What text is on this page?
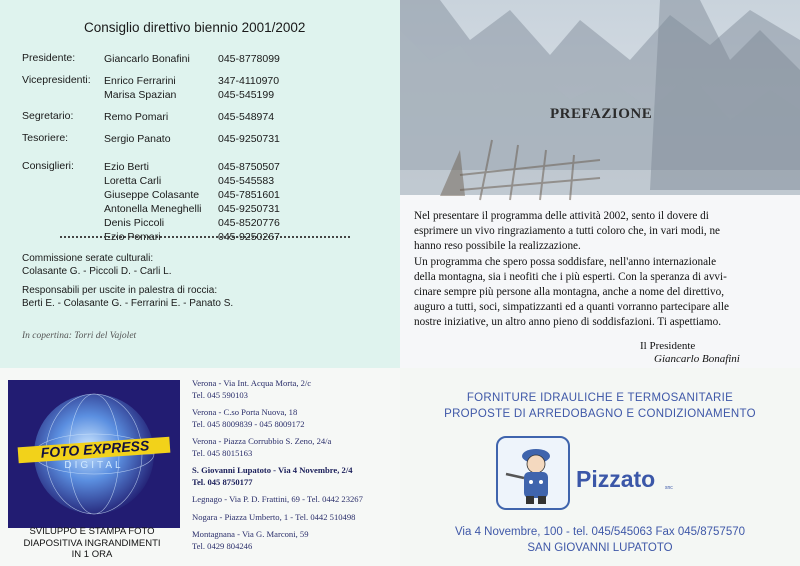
Consiglio direttivo biennio 2001/2002
Presidente:	Giancarlo Bonafini	045-8778099
Vicepresidenti:	Enrico Ferrarini	347-4110970
Marisa Spazian	045-545199
Segretario:	Remo Pomari	045-548974
Tesoriere:	Sergio Panato	045-9250731
Consiglieri:	Ezio Berti	045-8750507
Loretta Carli	045-545583
Giuseppe Colasante	045-7851601
Antonella Meneghelli	045-9250731
Denis Piccoli	045-8520776
Ezio Pomari	045-9250267
Commissione serate culturali:
Colasante G. - Piccoli D. - Carli L.
Responsabili per uscite in palestra di roccia:
Berti E. - Colasante G. - Ferrarini E. - Panato S.
In copertina: Torri del Vajolet
PREFAZIONE
Nel presentare il programma delle attività 2002, sento il dovere di
esprimere un vivo ringraziamento a tutti coloro che, in vari modi, ne
hanno reso possibile la realizzazione.
Un programma che spero possa soddisfare, nell'anno internazionale
della montagna, sia i neofiti che i più esperti. Con la speranza di avvi-
cinare sempre più persone alla montagna, anche a nome del direttivo,
auguro a tutti, soci, simpatizzanti ed a quanti vorranno partecipare alle
nostre iniziative, un altro anno pieno di soddisfazioni. Ti aspettiamo.
Il Presidente
Giancarlo Bonafini
FOTO EXPRESS
DIGITAL
SVILUPPO E STAMPA FOTO
DIAPOSITIVA INGRANDIMENTI
IN 1 ORA
Verona - Via Int. Acqua Morta, 2/c
Tel. 045 590103
Verona - C.so Porta Nuova, 18
Tel. 045 8009839 - 045 8009172
Verona - Piazza Corrubbio S. Zeno, 24/a
Tel. 045 8015163
S. Giovanni Lupatoto - Via 4 Novembre, 2/4
Tel. 045 8750177
Legnago - Via P. D. Frattini, 69 - Tel. 0442 23267
Nogara - Piazza Umberto, 1 - Tel. 0442 510498
Montagnana - Via G. Marconi, 59
Tel. 0429 804246
FORNITURE IDRAULICHE E TERMOSANITARIE
PROPOSTE DI ARREDOBAGNO E CONDIZIONAMENTO
Pizzato snc
Via 4 Novembre, 100 - tel. 045/545063 Fax 045/8757570
SAN GIOVANNI LUPATOTO
